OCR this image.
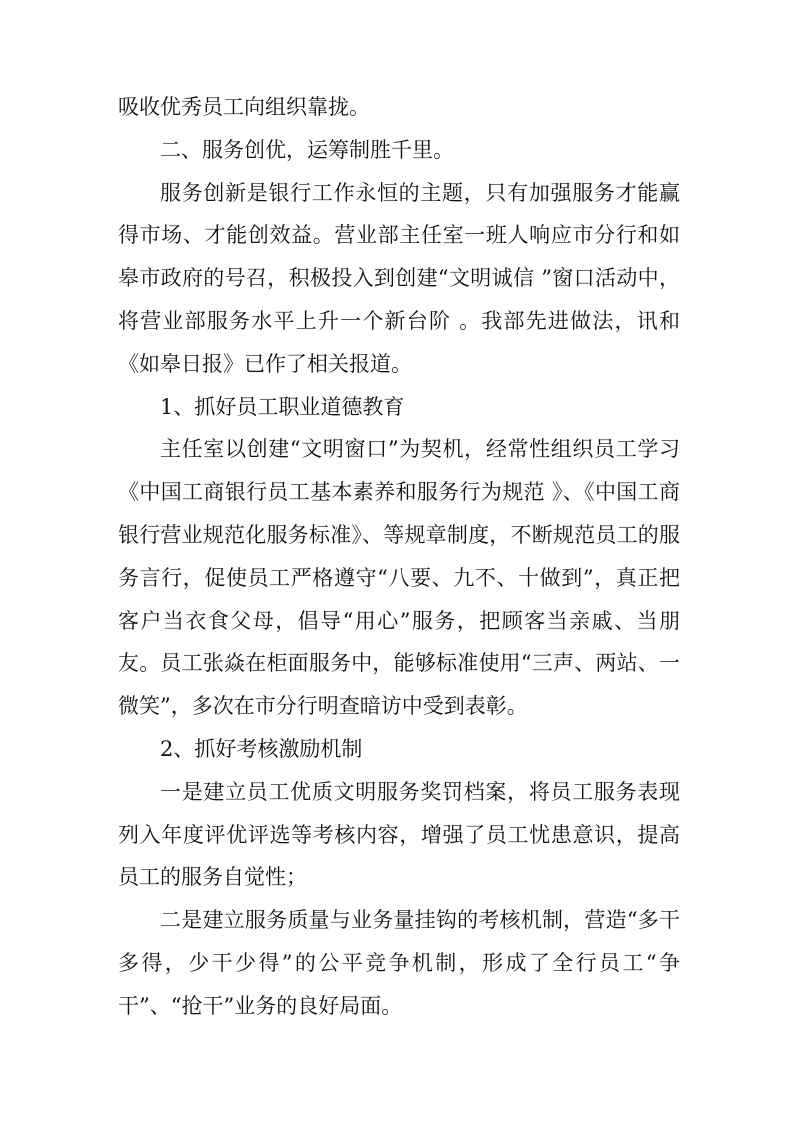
吸收优秀员工向组织靠拢。

二、服务创优，运筹制胜千里。

服务创新是银行工作永恒的主题，只有加强服务才能赢得市场、才能创效益。营业部主任室一班人响应市分行和如皋市政府的号召，积极投入到创建“文明诚信 ”窗口活动中，将营业部服务水平上升一个新台阶 。我部先进做法，讯和《如皋日报》已作了相关报道。

1、抓好员工职业道德教育

主任室以创建“文明窗口”为契机，经常性组织员工学习《中国工商银行员工基本素养和服务行为规范 》、《中国工商银行营业规范化服务标准》、等规章制度，不断规范员工的服务言行，促使员工严格遵守“八要、九不、十做到”，真正把客户当衣食父母，倡导“用心”服务，把顾客当亲戚、当朋友。员工张焱在柜面服务中，能够标准使用“三声、两站、一微笑”，多次在市分行明查暗访中受到表彰。

2、抓好考核激励机制

一是建立员工优质文明服务奖罚档案，将员工服务表现列入年度评优评选等考核内容，增强了员工忧患意识，提高员工的服务自觉性；

二是建立服务质量与业务量挂钩的考核机制，营造“多干多得，少干少得”的公平竞争机制，形成了全行员工“争干”、“抢干”业务的良好局面。
